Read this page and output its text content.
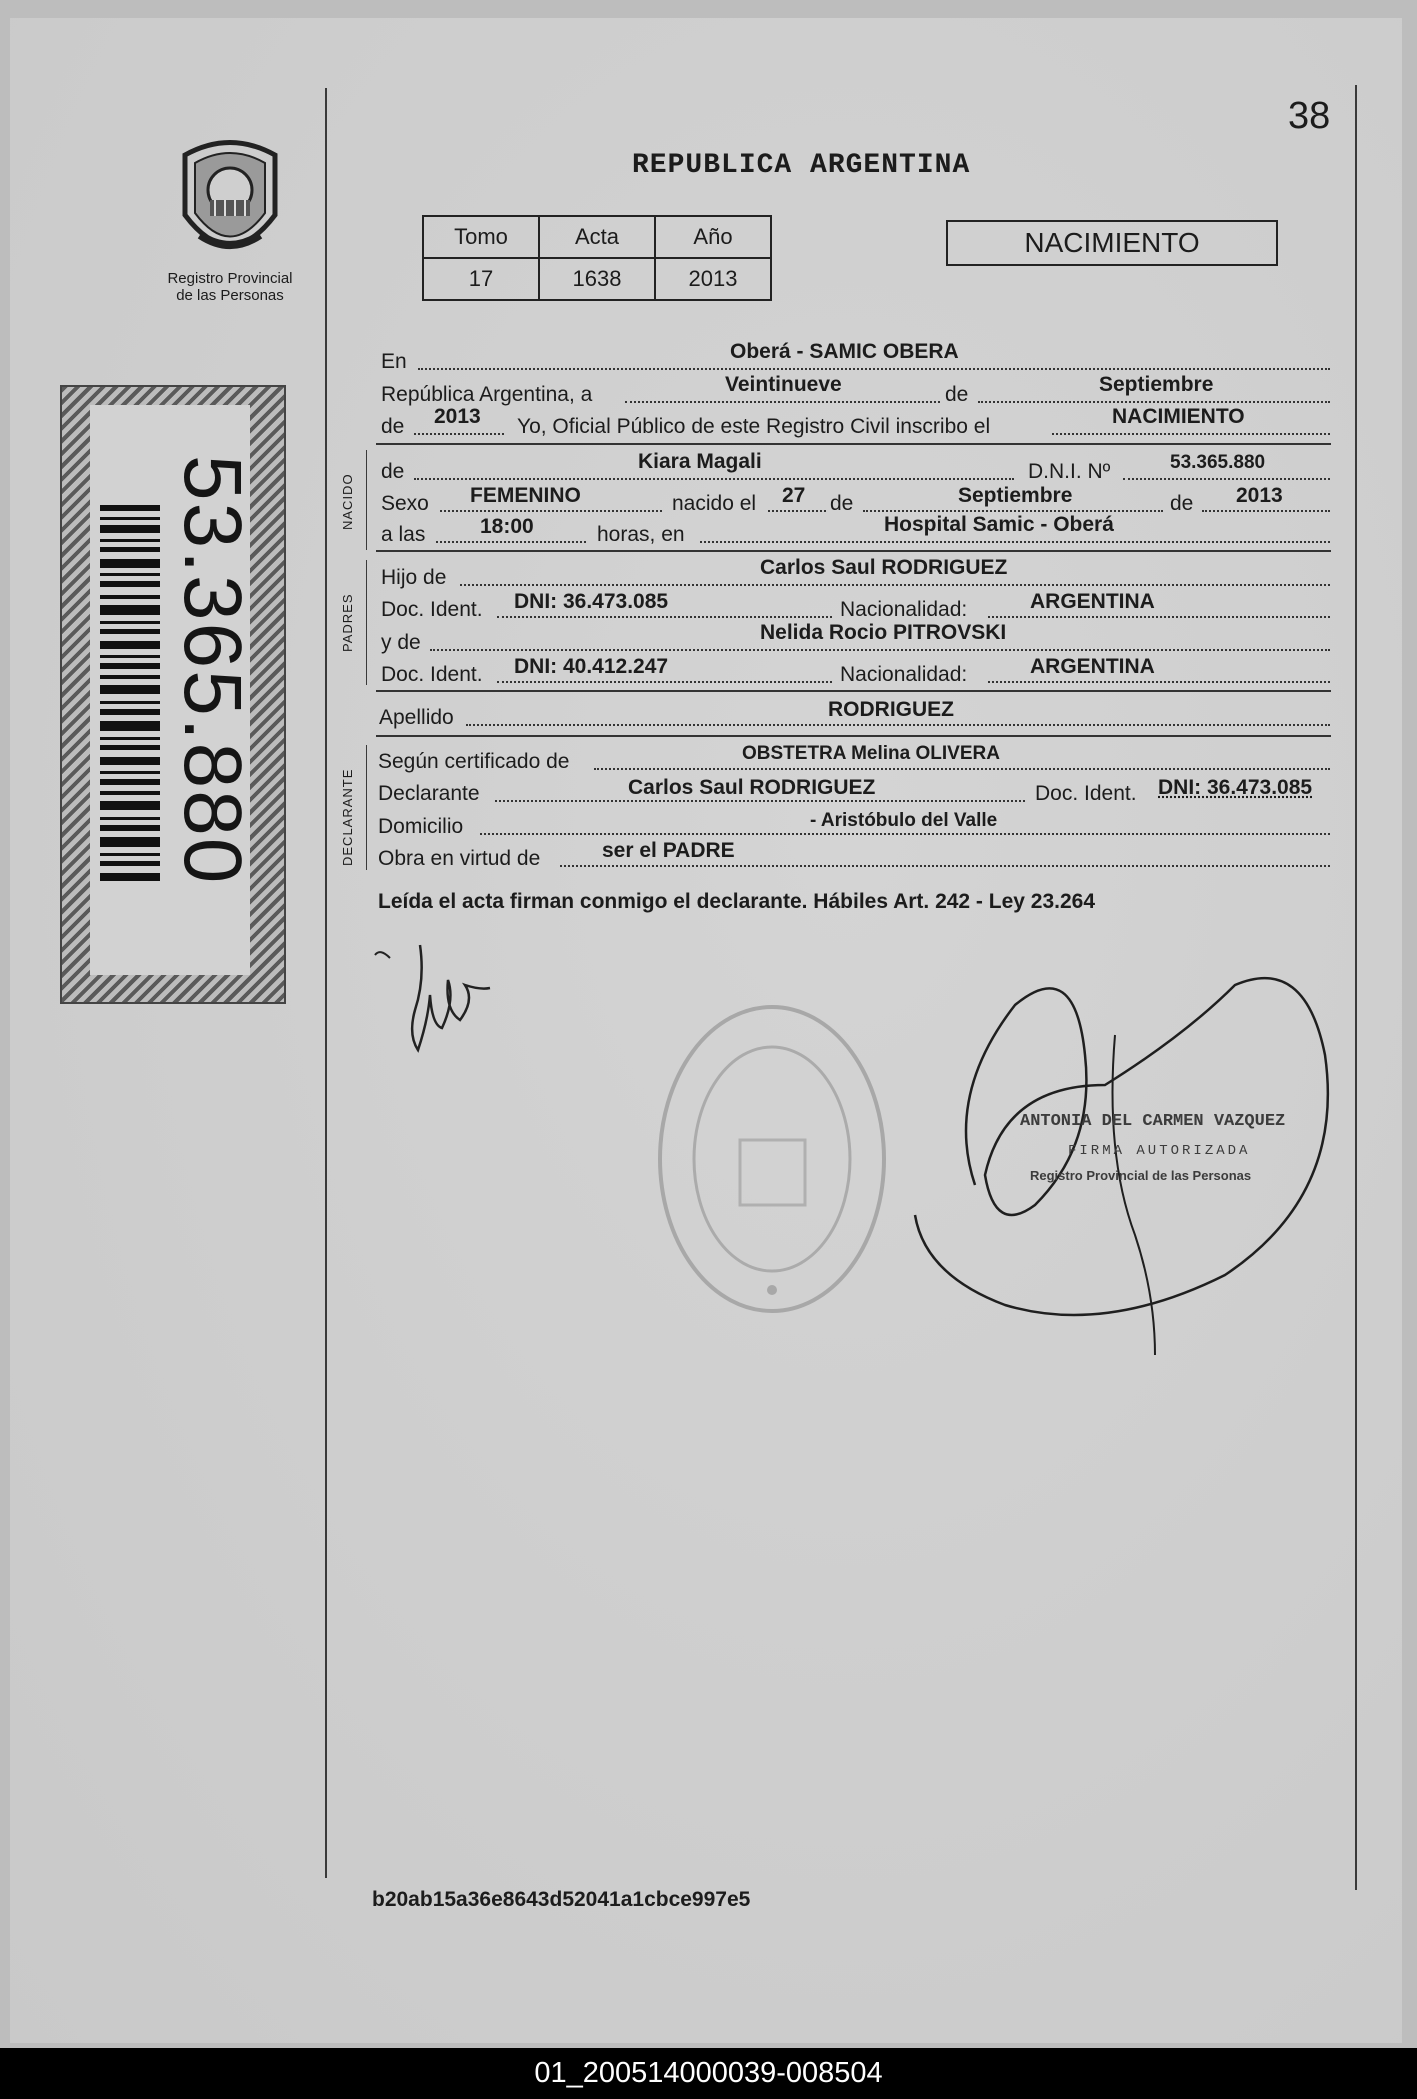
38
REPUBLICA ARGENTINA
Registro Provincial
de las Personas
Tomo	Acta	Año
17	1638	2013
NACIMIENTO
53.365.880
En	Oberá - SAMIC OBERA
República Argentina, a	Veintinueve	de	Septiembre
de 2013 Yo, Oficial Público de este Registro Civil inscribo el	NACIMIENTO
NACIDO
de	Kiara Magali	D.N.I. Nº	53.365.880
Sexo FEMENINO	nacido el 27 de	Septiembre	de 2013
a las	18:00	horas, en	Hospital Samic - Oberá
PADRES
Hijo de	Carlos Saul RODRIGUEZ
Doc. Ident. DNI: 36.473.085	Nacionalidad:	ARGENTINA
y de	Nelida Rocio PITROVSKI
Doc. Ident. DNI: 40.412.247	Nacionalidad:	ARGENTINA
Apellido	RODRIGUEZ
DECLARANTE
Según certificado de	OBSTETRA Melina OLIVERA
Declarante	Carlos Saul RODRIGUEZ	Doc. Ident. DNI: 36.473.085
Domicilio	- Aristóbulo del Valle
Obra en virtud de	ser el PADRE
Leída el acta firman conmigo el declarante. Hábiles Art. 242 - Ley 23.264
ANTONIA DEL CARMEN VAZQUEZ
FIRMA AUTORIZADA
Registro Provincial de las Personas
b20ab15a36e8643d52041a1cbce997e5
01_200514000039-008504
